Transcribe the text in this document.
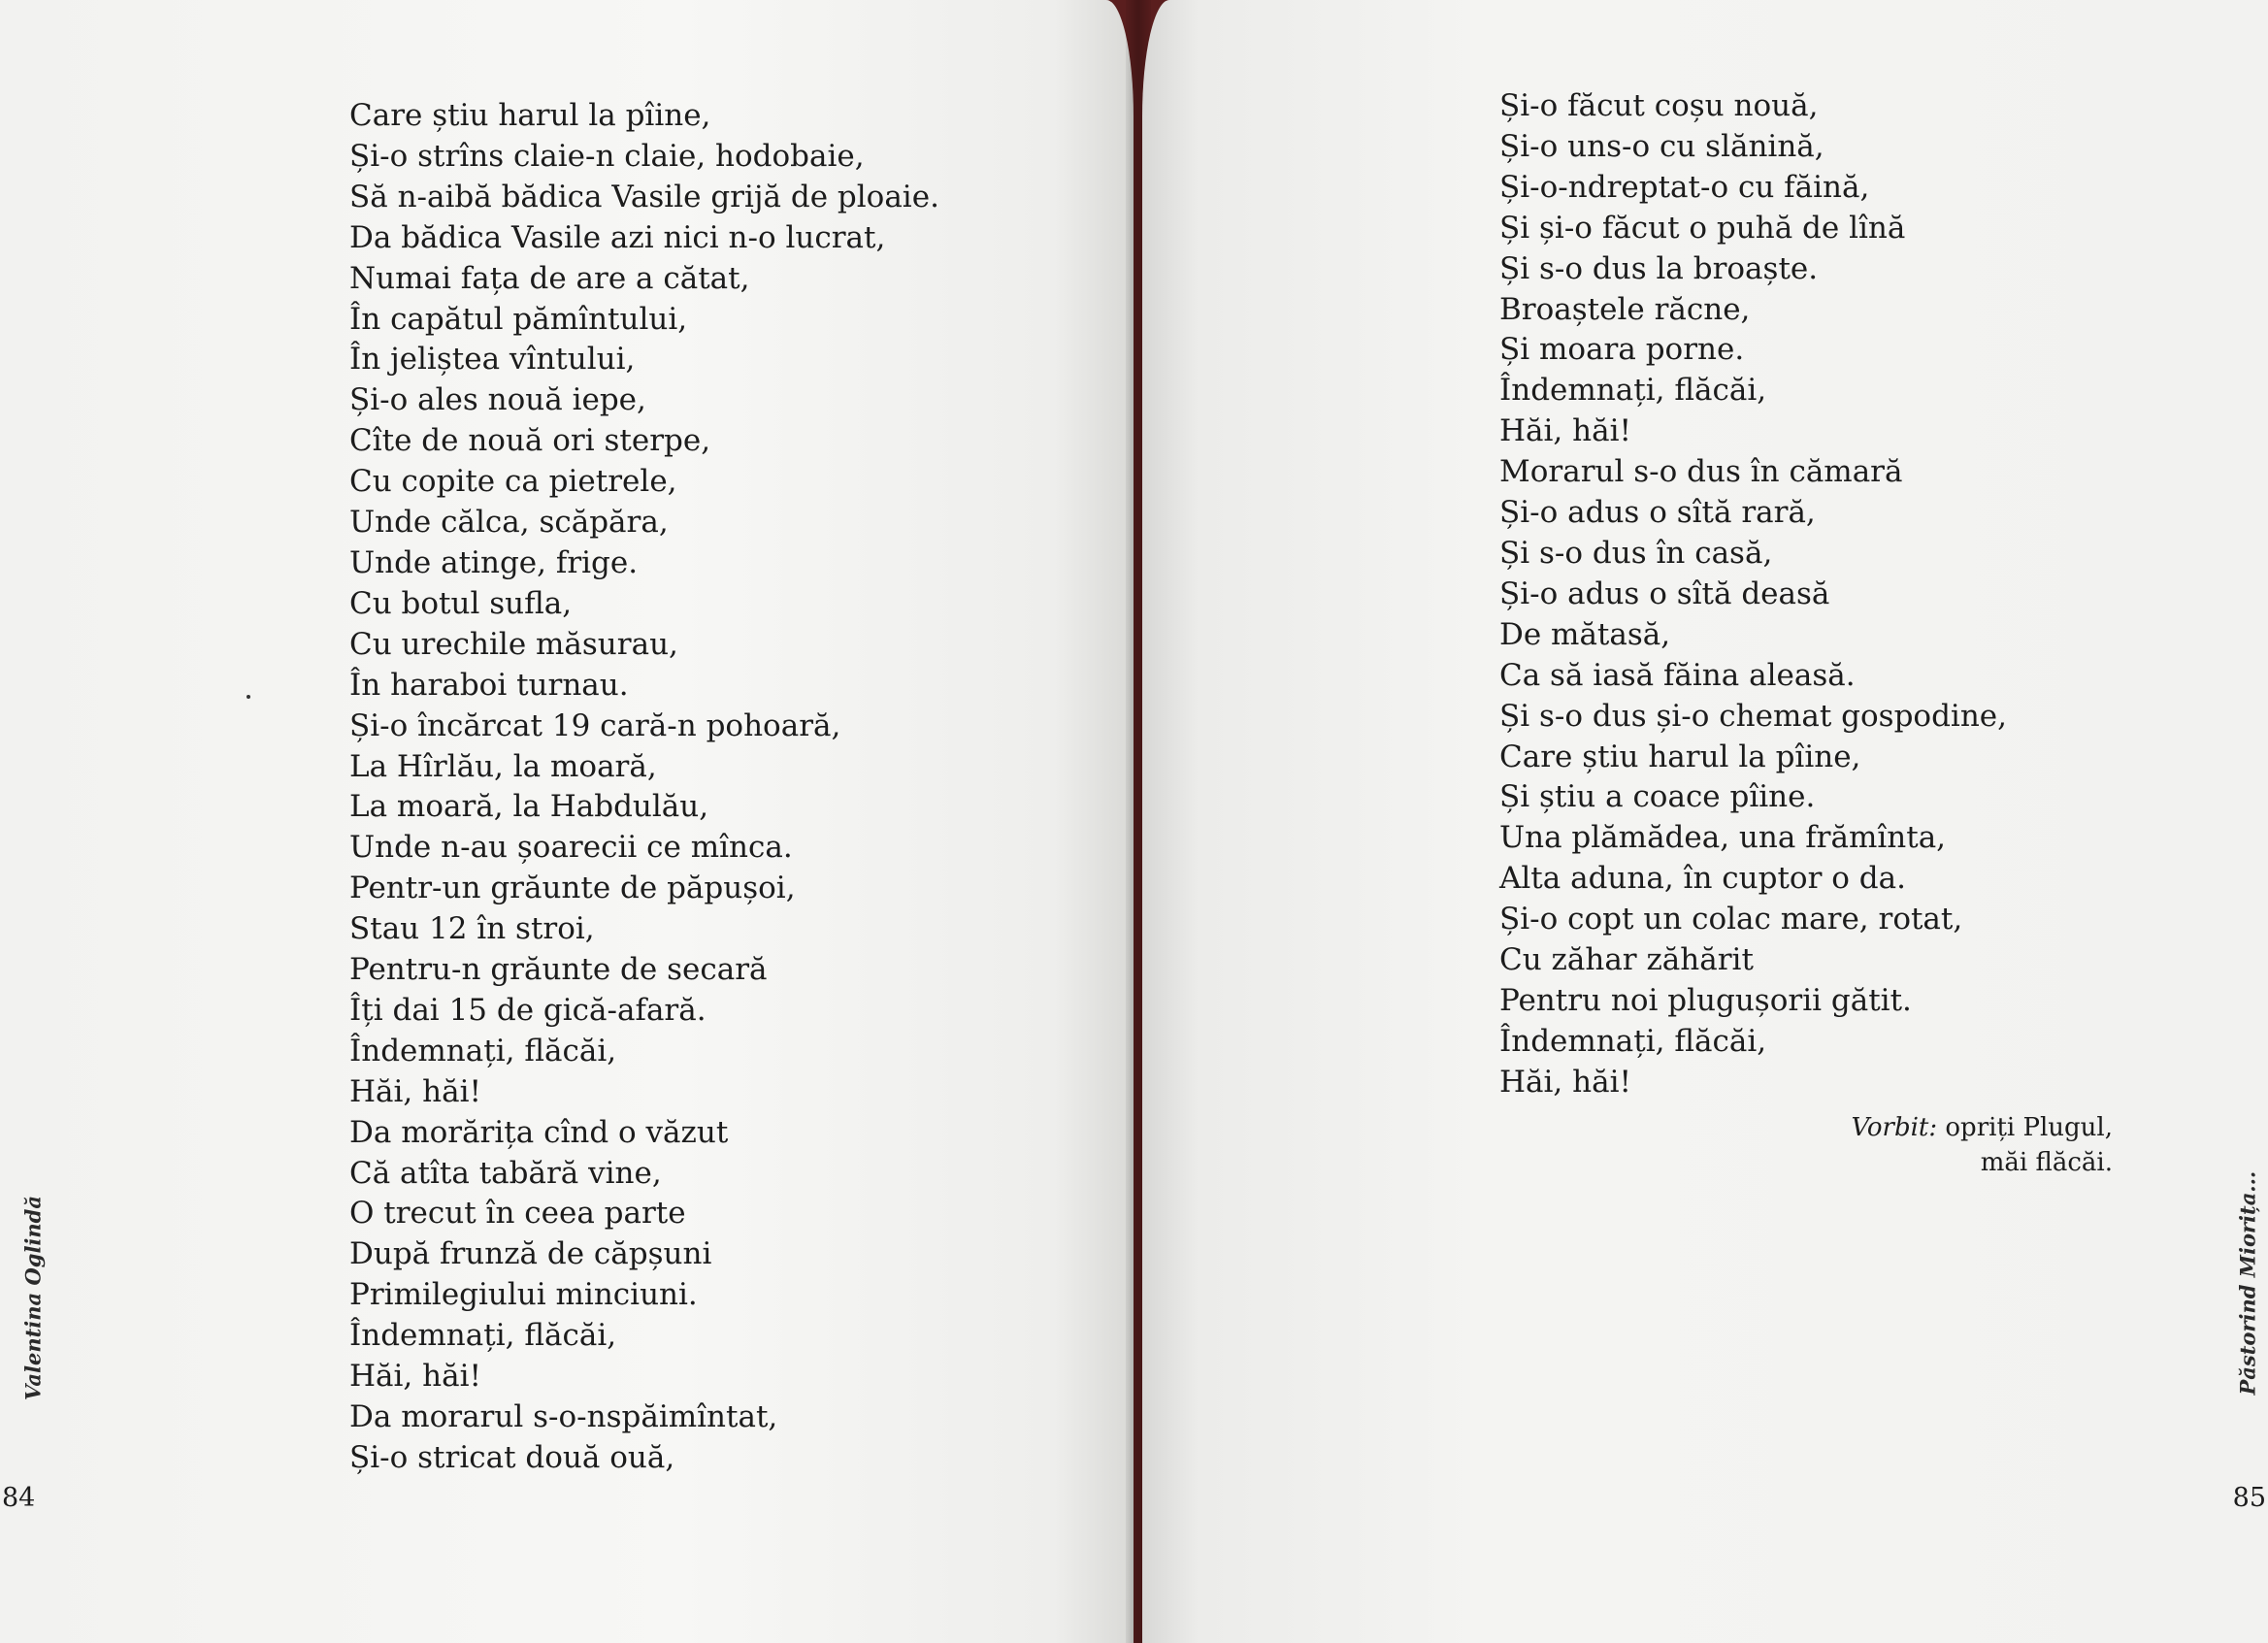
Care știu harul la pîine,
Și-o strîns claie-n claie, hodobaie,
Să n-aibă bădica Vasile grijă de ploaie.
Da bădica Vasile azi nici n-o lucrat,
Numai fața de are a cătat,
În capătul pămîntului,
În jeliștea vîntului,
Și-o ales nouă iepe,
Cîte de nouă ori sterpe,
Cu copite ca pietrele,
Unde călca, scăpăra,
Unde atinge, frige.
Cu botul sufla,
Cu urechile măsurau,
În haraboi turnau.
Și-o încărcat 19 cară-n pohoară,
La Hîrlău, la moară,
La moară, la Habdulău,
Unde n-au șoarecii ce mînca.
Pentr-un grăunte de păpușoi,
Stau 12 în stroi,
Pentru-n grăunte de secară
Îți dai 15 de gică-afară.
Îndemnați, flăcăi,
Hăi, hăi!
Da morărița cînd o văzut
Că atîta tabără vine,
O trecut în ceea parte
După frunză de căpșuni
Primilegiului minciuni.
Îndemnați, flăcăi,
Hăi, hăi!
Da morarul s-o-nspăimîntat,
Și-o stricat două ouă,
Valentina Oglindă
84
Și-o făcut coșu nouă,
Și-o uns-o cu slănină,
Și-o-ndreptat-o cu făină,
Și și-o făcut o puhă de lînă
Și s-o dus la broaște.
Broaștele răcne,
Și moara porne.
Îndemnați, flăcăi,
Hăi, hăi!
Morarul s-o dus în cămară
Și-o adus o sîtă rară,
Și s-o dus în casă,
Și-o adus o sîtă deasă
De mătasă,
Ca să iasă făina aleasă.
Și s-o dus și-o chemat gospodine,
Care știu harul la pîine,
Și știu a coace pîine.
Una plămădea, una frămînta,
Alta aduna, în cuptor o da.
Și-o copt un colac mare, rotat,
Cu zăhar zăhărit
Pentru noi plugușorii gătit.
Îndemnați, flăcăi,
Hăi, hăi!
Vorbit: opriți Plugul,
măi flăcăi.
Păstorind Miorița...
85
